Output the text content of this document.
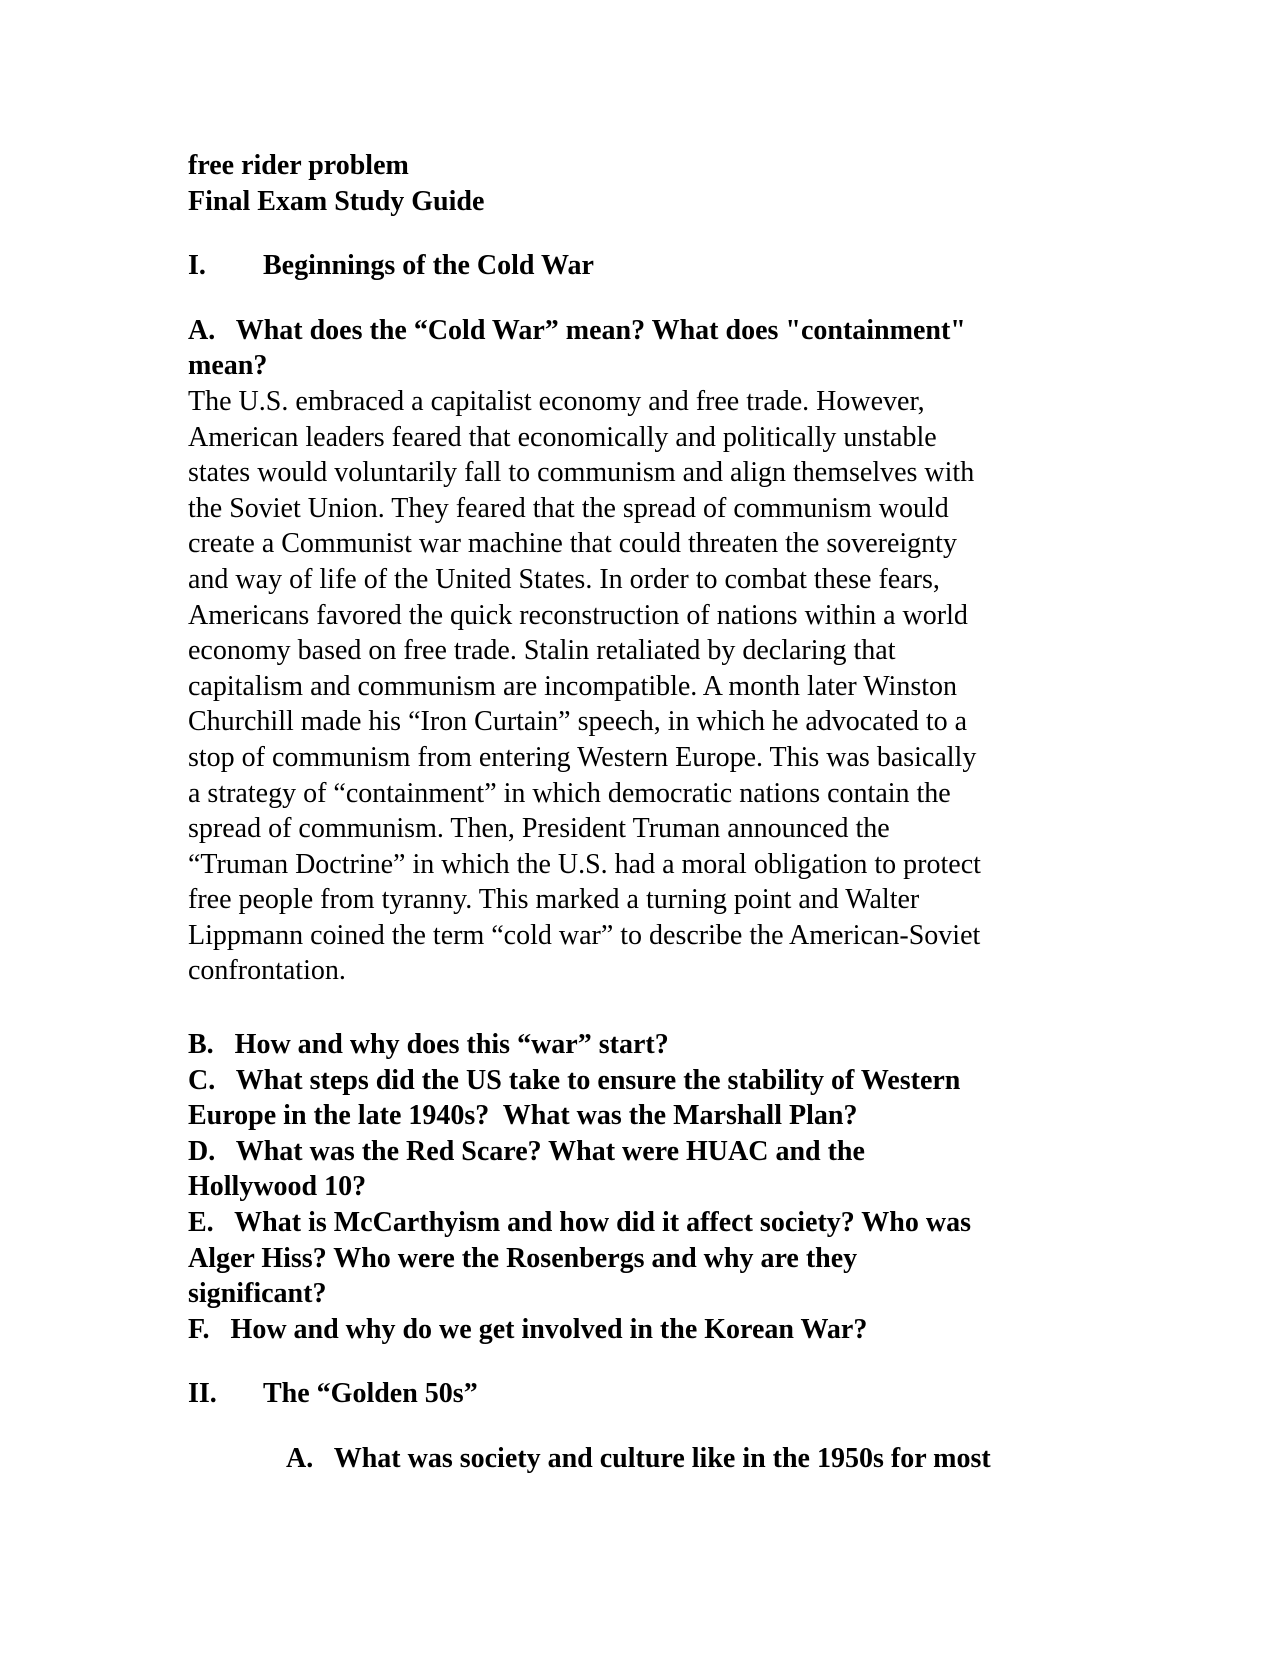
free rider problem
Final Exam Study Guide
I.	Beginnings of the Cold War
A.   What does the “Cold War” mean? What does "containment"
mean?

The U.S. embraced a capitalist economy and free trade. However,

American leaders feared that economically and politically unstable

states would voluntarily fall to communism and align themselves with

the Soviet Union. They feared that the spread of communism would

create a Communist war machine that could threaten the sovereignty

and way of life of the United States. In order to combat these fears,

Americans favored the quick reconstruction of nations within a world

economy based on free trade. Stalin retaliated by declaring that

capitalism and communism are incompatible. A month later Winston

Churchill made his “Iron Curtain” speech, in which he advocated to a

stop of communism from entering Western Europe. This was basically

a strategy of “containment” in which democratic nations contain the

spread of communism. Then, President Truman announced the

“Truman Doctrine” in which the U.S. had a moral obligation to protect

free people from tyranny. This marked a turning point and Walter

Lippmann coined the term “cold war” to describe the American-Soviet

confrontation.

B.   How and why does this “war” start?
C.   What steps did the US take to ensure the stability of Western
Europe in the late 1940s?  What was the Marshall Plan?
D.   What was the Red Scare? What were HUAC and the
Hollywood 10?
E.   What is McCarthyism and how did it affect society? Who was
Alger Hiss? Who were the Rosenbergs and why are they
significant?
F.   How and why do we get involved in the Korean War?
II.	The “Golden 50s”
A.   What was society and culture like in the 1950s for most
